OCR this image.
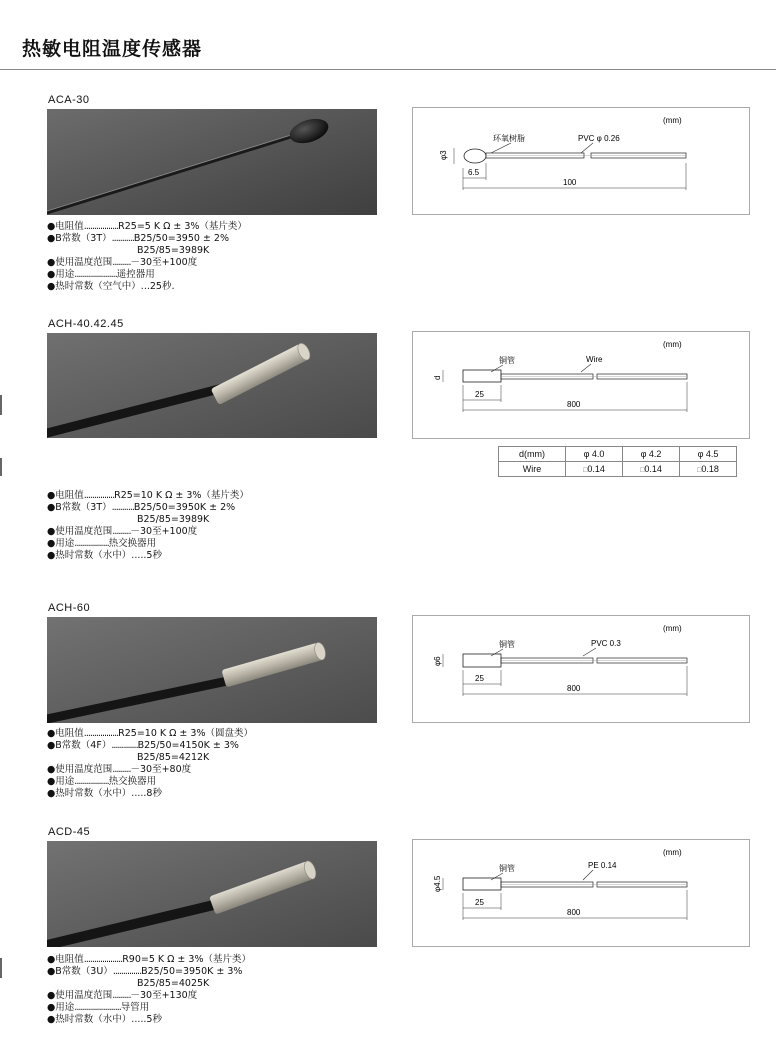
热敏电阻温度传感器
ACA-30
●电阻值.................R25=5 K Ω ± 3%（基片类）
●B常数（3T）...........B25/50=3950 ± 2%
B25/85=3989K
●使用温度范围.........－30至+100度
●用途.....................遥控器用
●热时常数（空气中）...25秒.
(mm)
环氧树脂	PVC φ 0.26
φ3
6.5
100
ACH-40.42.45
(mm)
铜管	Wire
d
25
800
d(mm)	φ 4.0	φ 4.2	φ 4.5
Wire	□0.14	□0.14	□0.18
●电阻值...............R25=10 K Ω ± 3%（基片类）
●B常数（3T）...........B25/50=3950K ± 2%
B25/85=3989K
●使用温度范围.........－30至+100度
●用途.................热交换器用
●热时常数（水中）.....5秒
ACH-60
(mm)
铜管	PVC 0.3
φ6
25
800
●电阻值.................R25=10 K Ω ± 3%（圆盘类）
●B常数（4F）.............B25/50=4150K ± 3%
B25/85=4212K
●使用温度范围.........－30至+80度
●用途.................热交换器用
●热时常数（水中）.....8秒
ACD-45
(mm)
铜管	PE 0.14
φ4.5
25
800
●电阻值...................R90=5 K Ω ± 3%（基片类）
●B常数（3U）..............B25/50=3950K ± 3%
B25/85=4025K
●使用温度范围.........－30至+130度
●用途.......................导管用
●热时常数（水中）.....5秒
